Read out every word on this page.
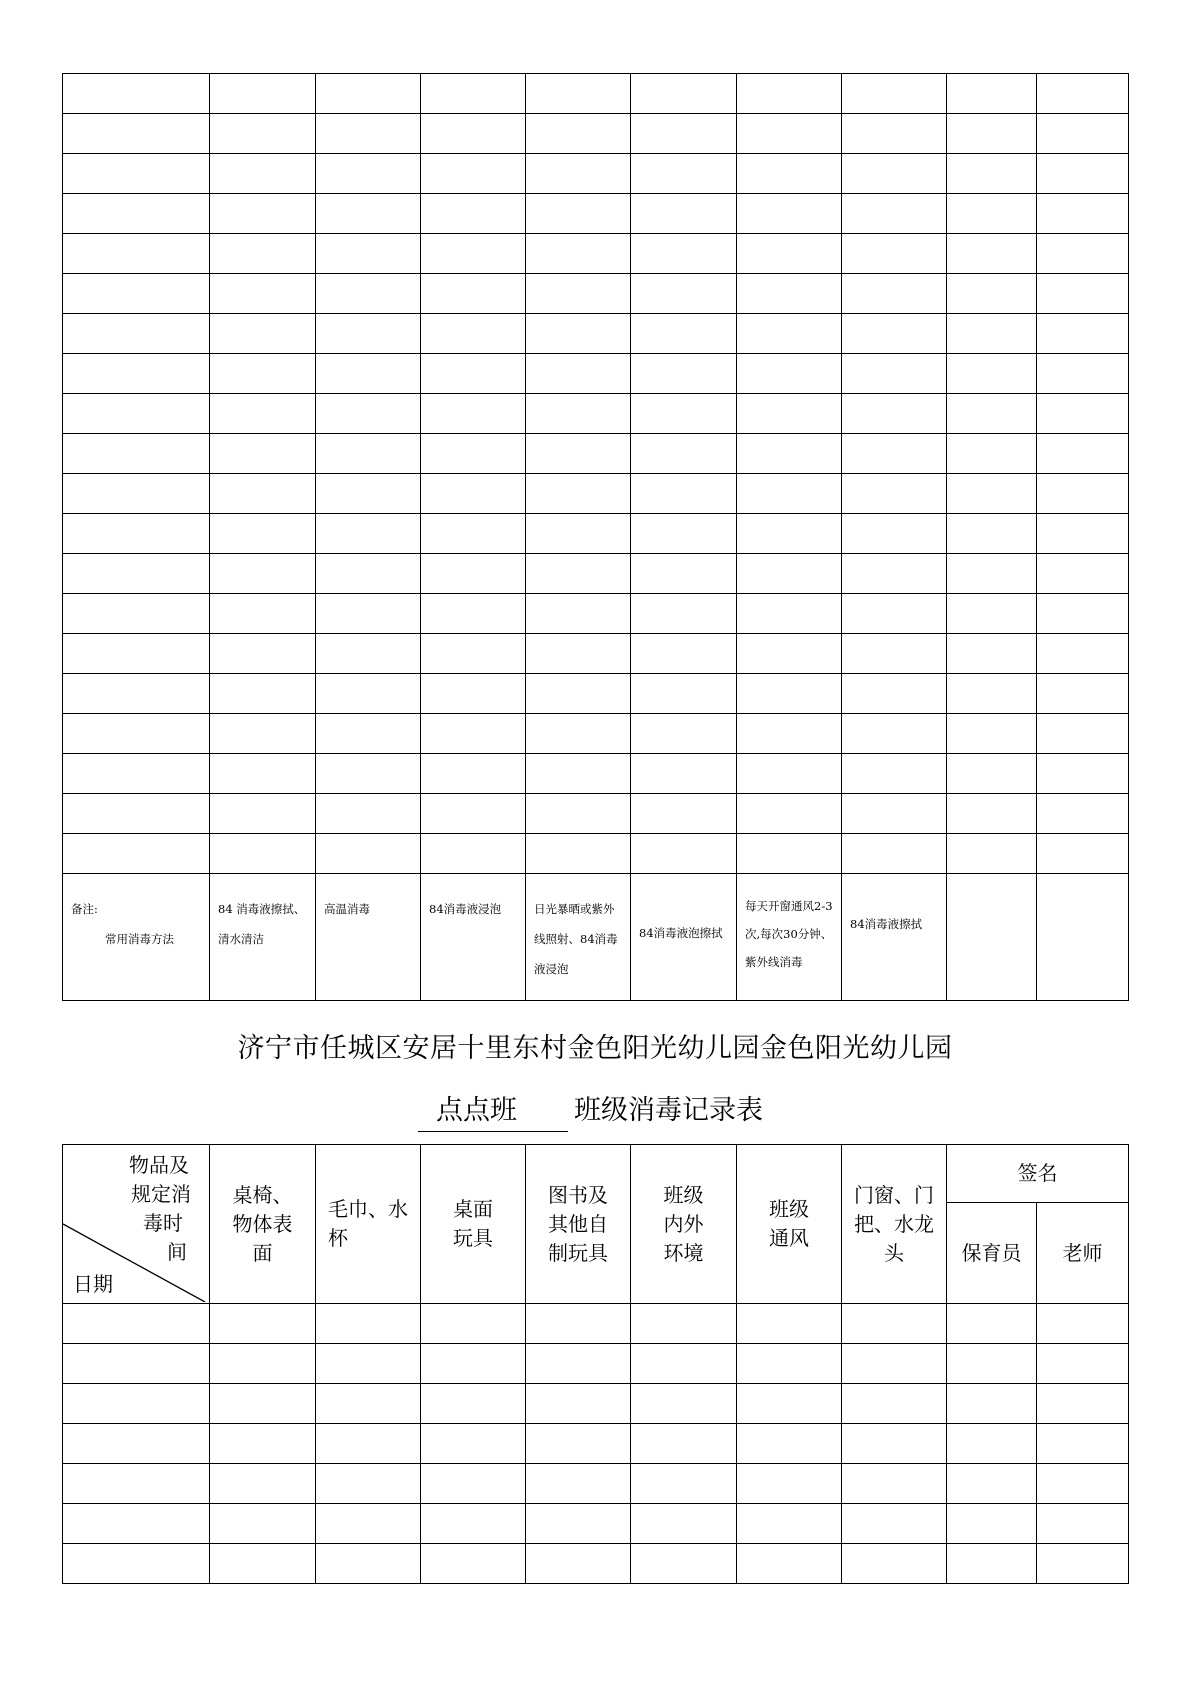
备注:
常用消毒方法	84 消毒液擦拭、清水清洁	高温消毒	84消毒液浸泡	日光暴晒或紫外线照射、84消毒液浸泡	84消毒液泡擦拭	每天开窗通风2-3次,每次30分钟、紫外线消毒	84消毒液擦拭		
济宁市任城区安居十里东村金色阳光幼儿园金色阳光幼儿园
点点班 班级消毒记录表
物品及
规定消
毒时
间
日期	桌椅、物体表面	毛巾、水杯	桌面玩具	图书及其他自制玩具	班级内外环境	班级通风	门窗、门把、水龙头	签名	
								保育员	老师
